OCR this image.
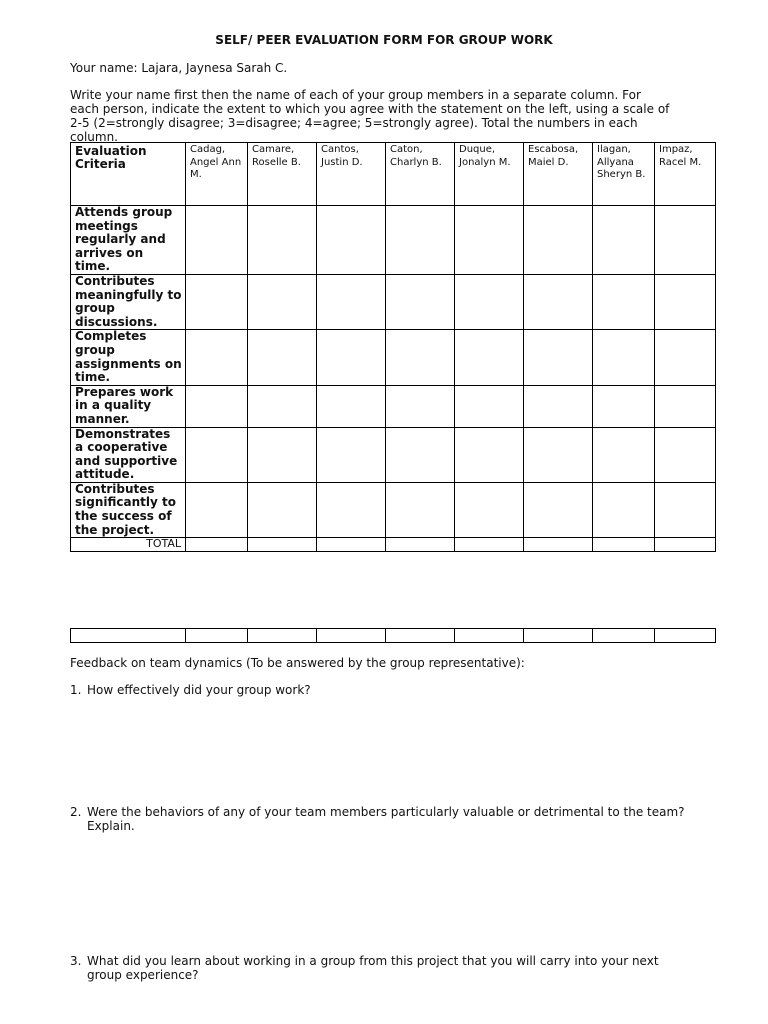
SELF/ PEER EVALUATION FORM FOR GROUP WORK
Your name: Lajara, Jaynesa Sarah C.
Write your name first then the name of each of your group members in a separate column. For each person, indicate the extent to which you agree with the statement on the left, using a scale of 2-5 (2=strongly disagree; 3=disagree; 4=agree; 5=strongly agree). Total the numbers in each column.
Evaluation Criteria	Cadag, Angel Ann M.	Camare, Roselle B.	Cantos, Justin D.	Caton, Charlyn B.	Duque, Jonalyn M.	Escabosa, Maiel D.	Ilagan, Allyana Sheryn B.	Impaz, Racel M.
Attends group meetings regularly and arrives on time.								
Contributes meaningfully to group discussions.								
Completes group assignments on time.								
Prepares work in a quality manner.								
Demonstrates a cooperative and supportive attitude.								
Contributes significantly to the success of the project.								
TOTAL								

Feedback on team dynamics (To be answered by the group representative):
1. How effectively did your group work?
2. Were the behaviors of any of your team members particularly valuable or detrimental to the team? Explain.
3. What did you learn about working in a group from this project that you will carry into your next group experience?
